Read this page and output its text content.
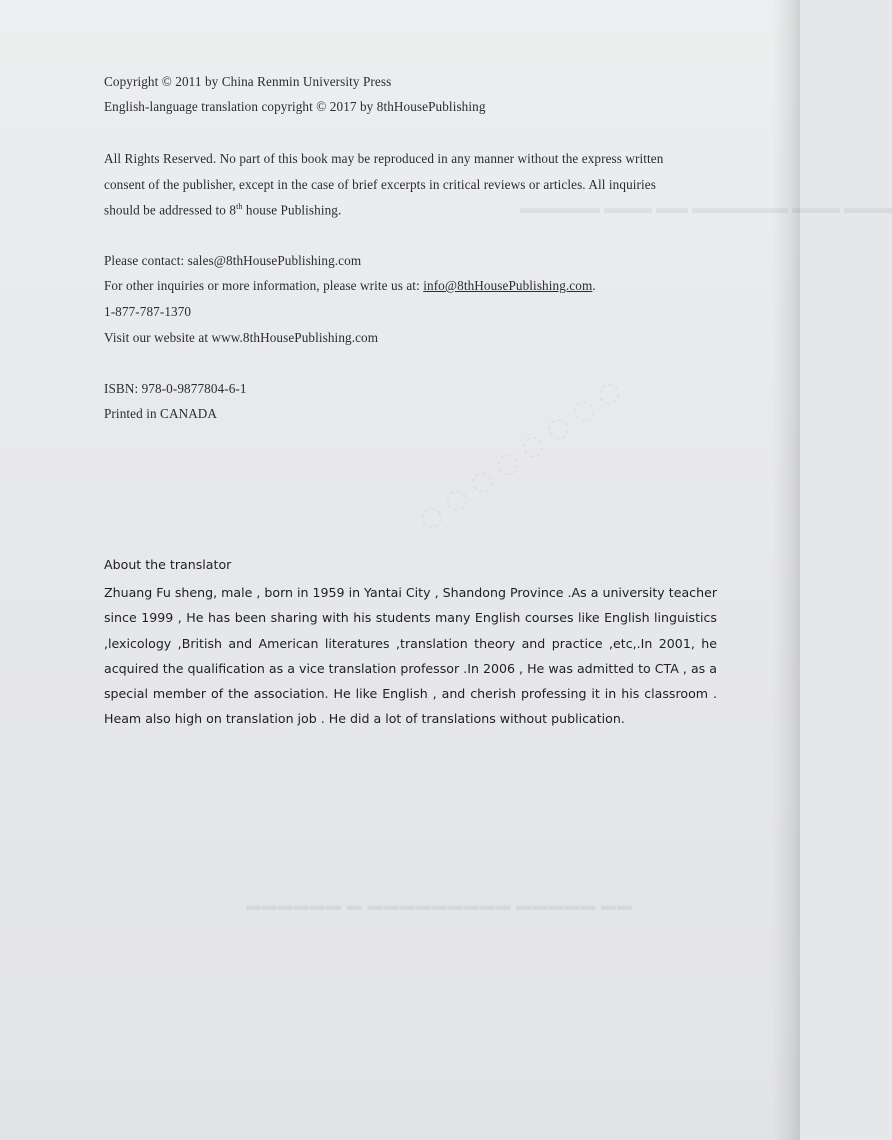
▬▬▬ ▬▬▬ ▬▬▬▬▬▬ ▬▬ ▬▬▬ ▬▬▬▬▬
▬▬ ▬▬▬▬▬ ▬▬▬▬▬▬▬▬▬ ▬ ▬▬▬▬▬▬
◌ ◌ ◌ ◌ ◌ ◌ ◌ ◌
Copyright © 2011 by China Renmin University Press
English-language translation copyright © 2017 by 8thHousePublishing
All Rights Reserved. No part of this book may be reproduced in any manner without the express written
consent of the publisher, except in the case of brief excerpts in critical reviews or articles. All inquiries
should be addressed to 8th house Publishing.
Please contact: sales@8thHousePublishing.com
For other inquiries or more information, please write us at: info@8thHousePublishing.com.
1-877-787-1370
Visit our website at www.8thHousePublishing.com
ISBN: 978-0-9877804-6-1
Printed in CANADA
About the translator
Zhuang Fu sheng, male , born in 1959 in Yantai City , Shandong Province .As a university teacher since 1999 , He has been sharing with his students many English courses like English linguistics ,lexicology ,British and American literatures ,translation theory and practice ,etc,.In 2001, he acquired the qualification as a vice translation professor .In 2006 , He was admitted to CTA , as a special member of the association. He like English , and cherish professing it in his classroom . Heam also high on translation job . He did a lot of translations without publication.
